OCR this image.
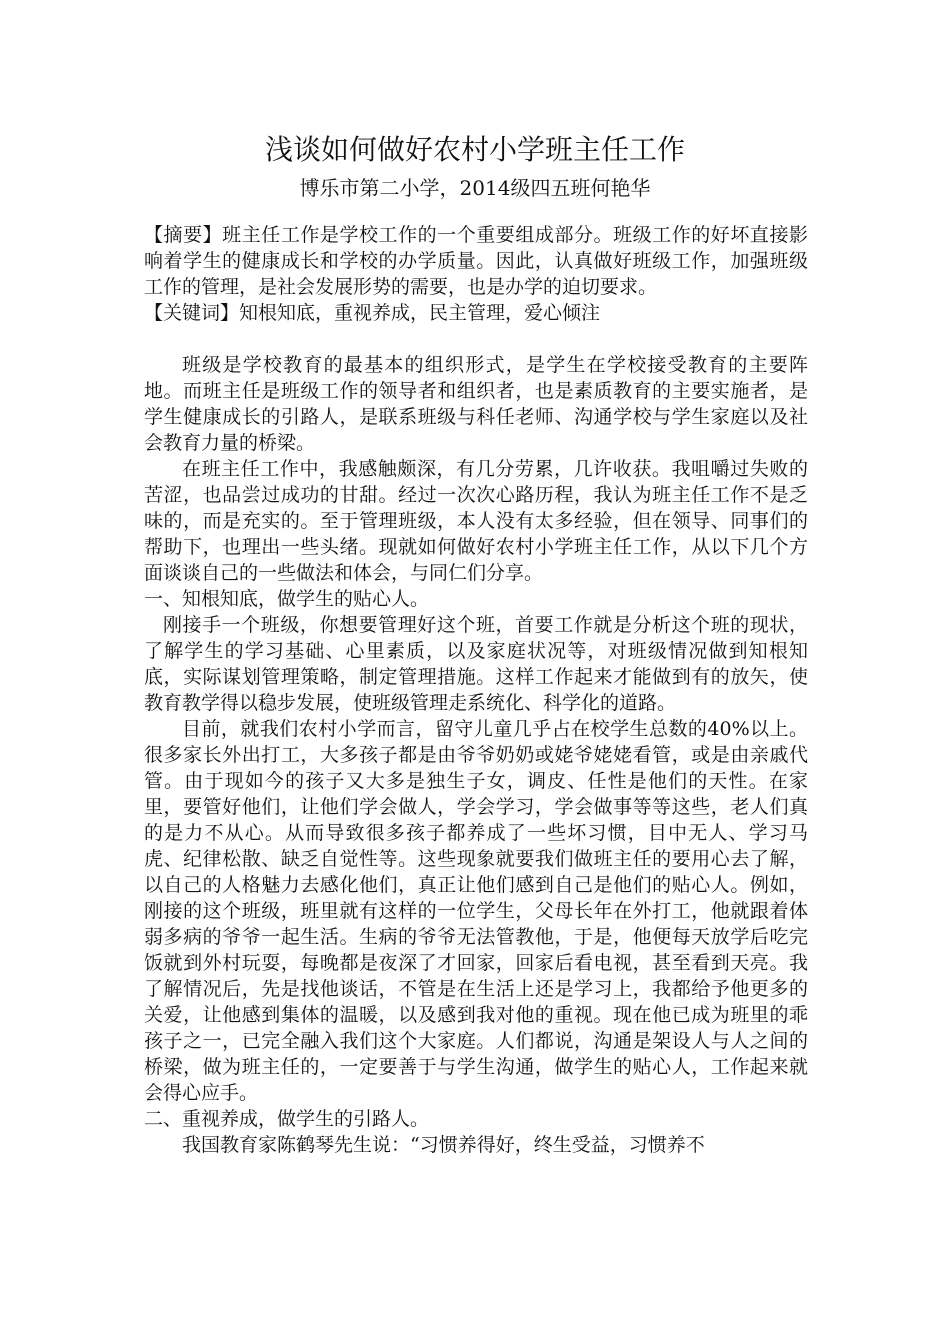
浅谈如何做好农村小学班主任工作
博乐市第二小学，2014级四五班何艳华

【摘要】班主任工作是学校工作的一个重要组成部分。班级工作的好坏直接影响着学生的健康成长和学校的办学质量。因此，认真做好班级工作，加强班级工作的管理，是社会发展形势的需要，也是办学的迫切要求。

【关键词】知根知底，重视养成，民主管理，爱心倾注

班级是学校教育的最基本的组织形式，是学生在学校接受教育的主要阵地。而班主任是班级工作的领导者和组织者，也是素质教育的主要实施者，是学生健康成长的引路人，是联系班级与科任老师、沟通学校与学生家庭以及社会教育力量的桥梁。

在班主任工作中，我感触颇深，有几分劳累，几许收获。我咀嚼过失败的苦涩，也品尝过成功的甘甜。经过一次次心路历程，我认为班主任工作不是乏味的，而是充实的。至于管理班级，本人没有太多经验，但在领导、同事们的帮助下，也理出一些头绪。现就如何做好农村小学班主任工作，从以下几个方面谈谈自己的一些做法和体会，与同仁们分享。

一、知根知底，做学生的贴心人。

刚接手一个班级，你想要管理好这个班，首要工作就是分析这个班的现状，了解学生的学习基础、心里素质，以及家庭状况等，对班级情况做到知根知底，实际谋划管理策略，制定管理措施。这样工作起来才能做到有的放矢，使教育教学得以稳步发展，使班级管理走系统化、科学化的道路。

目前，就我们农村小学而言，留守儿童几乎占在校学生总数的40%以上。很多家长外出打工，大多孩子都是由爷爷奶奶或姥爷姥姥看管，或是由亲戚代管。由于现如今的孩子又大多是独生子女，调皮、任性是他们的天性。在家里，要管好他们，让他们学会做人，学会学习，学会做事等等这些，老人们真的是力不从心。从而导致很多孩子都养成了一些坏习惯，目中无人、学习马虎、纪律松散、缺乏自觉性等。这些现象就要我们做班主任的要用心去了解，以自己的人格魅力去感化他们，真正让他们感到自己是他们的贴心人。例如，刚接的这个班级，班里就有这样的一位学生，父母长年在外打工，他就跟着体弱多病的爷爷一起生活。生病的爷爷无法管教他，于是，他便每天放学后吃完饭就到外村玩耍，每晚都是夜深了才回家，回家后看电视，甚至看到天亮。我了解情况后，先是找他谈话，不管是在生活上还是学习上，我都给予他更多的关爱，让他感到集体的温暖，以及感到我对他的重视。现在他已成为班里的乖孩子之一，已完全融入我们这个大家庭。人们都说，沟通是架设人与人之间的桥梁，做为班主任的，一定要善于与学生沟通，做学生的贴心人，工作起来就会得心应手。

二、重视养成，做学生的引路人。

我国教育家陈鹤琴先生说：“习惯养得好，终生受益，习惯养不
